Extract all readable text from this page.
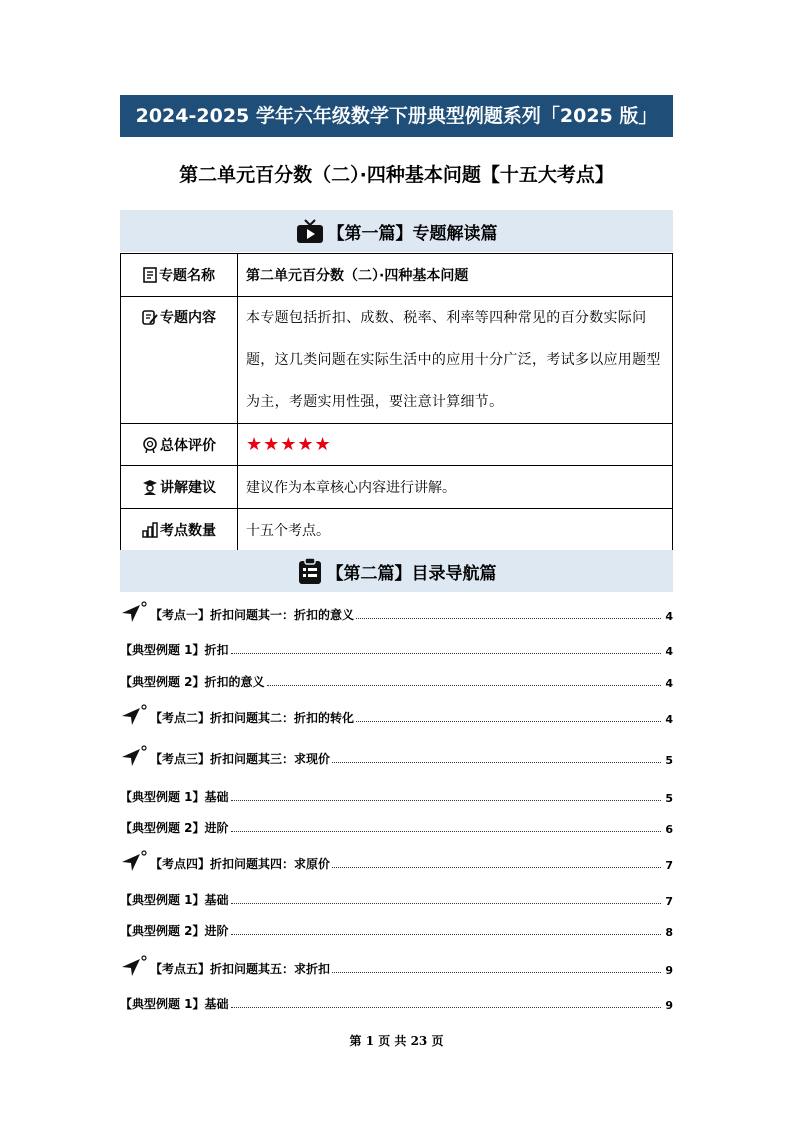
2024-2025 学年六年级数学下册典型例题系列「2025 版」
第二单元百分数（二）·四种基本问题【十五大考点】
【第一篇】专题解读篇
专题名称	第二单元百分数（二）·四种基本问题
专题内容	本专题包括折扣、成数、税率、利率等四种常见的百分数实际问题，这几类问题在实际生活中的应用十分广泛，考试多以应用题型为主，考题实用性强，要注意计算细节。
总体评价	★★★★★
讲解建议	建议作为本章核心内容进行讲解。
考点数量	十五个考点。
【第二篇】目录导航篇
【考点一】折扣问题其一：折扣的意义	4
【典型例题 1】折扣	4
【典型例题 2】折扣的意义	4
【考点二】折扣问题其二：折扣的转化	4
【考点三】折扣问题其三：求现价	5
【典型例题 1】基础	5
【典型例题 2】进阶	6
【考点四】折扣问题其四：求原价	7
【典型例题 1】基础	7
【典型例题 2】进阶	8
【考点五】折扣问题其五：求折扣	9
【典型例题 1】基础	9
第 1 页 共 23 页
